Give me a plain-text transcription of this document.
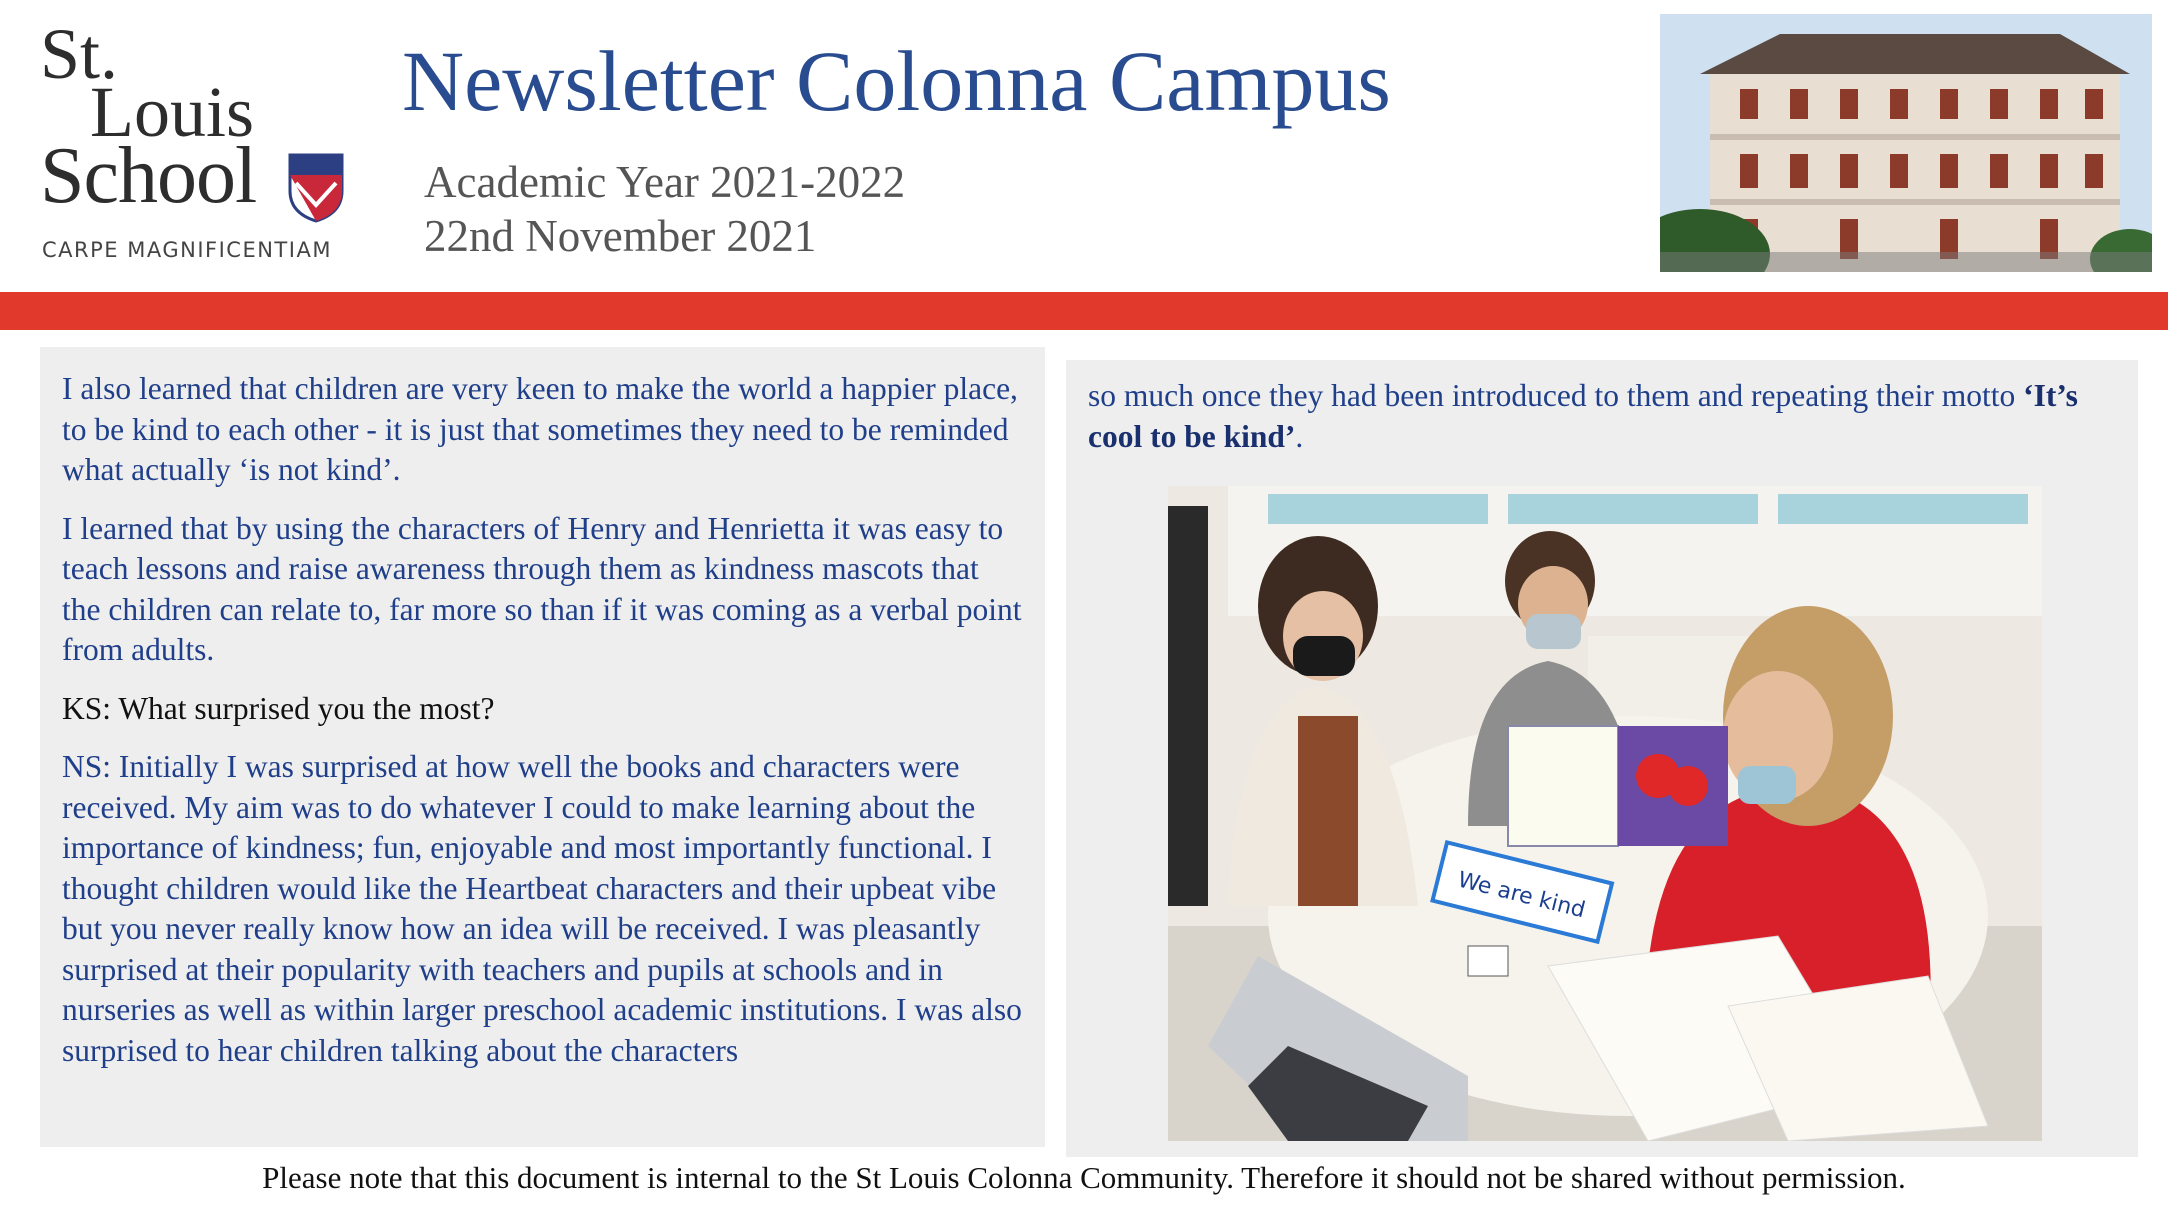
St.
Louis
School
CARPE MAGNIFICENTIAM
Newsletter Colonna Campus
Academic Year 2021-2022
22nd November 2021

I also learned that children are very keen to make the world a happier place, to be kind to each other - it is just that sometimes they need to be reminded what actually ‘is not kind’.

I learned that by using the characters of Henry and Henrietta it was easy to teach lessons and raise awareness through them as kindness mascots that the children can relate to, far more so than if it was coming as a verbal point from adults.

KS: What surprised you the most?

NS: Initially I was surprised at how well the books and characters were received. My aim was to do whatever I could to make learning about the importance of kindness; fun, enjoyable and most importantly functional. I thought children would like the Heartbeat characters and their upbeat vibe but you never really know how an idea will be received. I was pleasantly surprised at their popularity with teachers and pupils at schools and in nurseries as well as within larger preschool academic institutions. I was also surprised to hear children talking about the characters

so much once they had been introduced to them and repeating their motto ‘It’s cool to be kind’.

We are kind
Please note that this document is internal to the St Louis Colonna Community. Therefore it should not be shared without permission.
